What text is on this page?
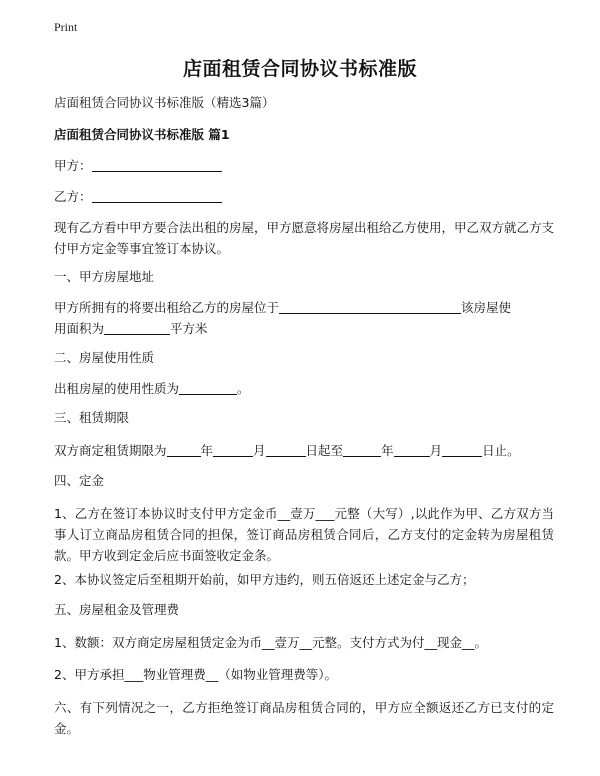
Print
店面租赁合同协议书标准版
店面租赁合同协议书标准版（精选3篇）
店面租赁合同协议书标准版 篇1
甲方：
乙方：
现有乙方看中甲方要合法出租的房屋，甲方愿意将房屋出租给乙方使用，甲乙双方就乙方支付甲方定金等事宜签订本协议。
一、甲方房屋地址
甲方所拥有的将要出租给乙方的房屋位于	该房屋使
用面积为	平方米
二、房屋使用性质
出租房屋的使用性质为	。
三、租赁期限
双方商定租赁期限为	年	月	日起至	年	月	日止。
四、定金
1、乙方在签订本协议时支付甲方定金币__壹万___元整（大写）,以此作为甲、乙方双方当事人订立商品房租赁合同的担保，签订商品房租赁合同后，乙方支付的定金转为房屋租赁款。甲方收到定金后应书面签收定金条。
2、本协议签定后至租期开始前，如甲方违约，则五倍返还上述定金与乙方；
五、房屋租金及管理费
1、数额：双方商定房屋租赁定金为币__壹万__元整。支付方式为付__现金__。
2、甲方承担___物业管理费__（如物业管理费等）。
六、有下列情况之一，乙方拒绝签订商品房租赁合同的，甲方应全额返还乙方已支付的定金。
